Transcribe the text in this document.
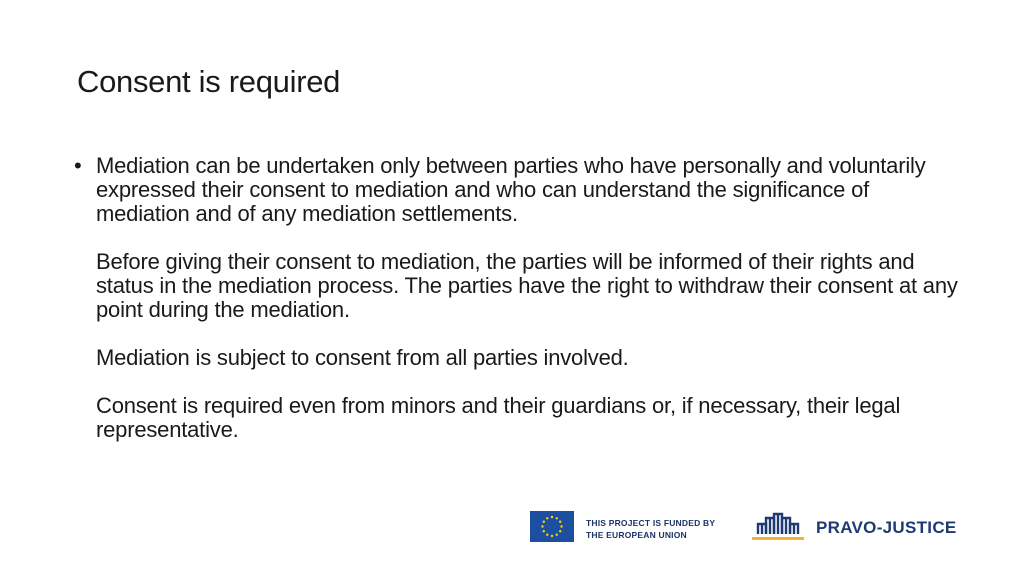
Consent is required
• Mediation can be undertaken only between parties who have personally and voluntarily expressed their consent to mediation and who can understand the significance of mediation and of any mediation settlements.

Before giving their consent to mediation, the parties will be informed of their rights and status in the mediation process. The parties have the right to withdraw their consent at any point during the mediation.

Mediation is subject to consent from all parties involved.

Consent is required even from minors and their guardians or, if necessary, their legal representative.

THIS PROJECT IS FUNDED BY
THE EUROPEAN UNION	PRAVO-JUSTICE
